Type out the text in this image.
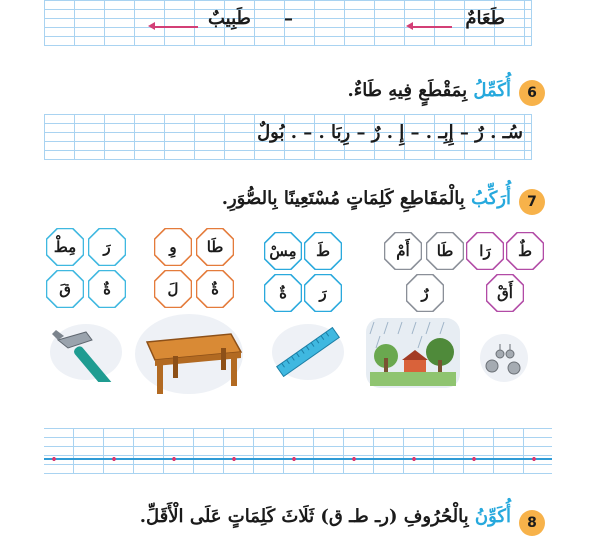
طَعَامٌ
–
طَبِيبٌ
6
أُكَمِّلُ بِمَقْطَعٍ فِيهِ طَاءٌ.
سُـ . رٌ – إِبِـ . – إِ . رٌ – رِبَا . – . بُولٌ
7
أُرَكِّبُ بِالْمَقَاطِعِ كَلِمَاتٍ مُسْتَعِينًا بِالصُّوَرِ.
طٌ
رَا
أَقْ
طَا
أَمْ
رٌ
طَ
مِسْ
رَ
ةٌ
طَا
وِ
ةٌ
لَ
رَ
مِطْ
ةٌ
قَ
8
أُكَوِّنُ بِالْحُرُوفِ (رـ طـ ق) ثَلَاثَ كَلِمَاتٍ عَلَى الْأَقَلِّ.
